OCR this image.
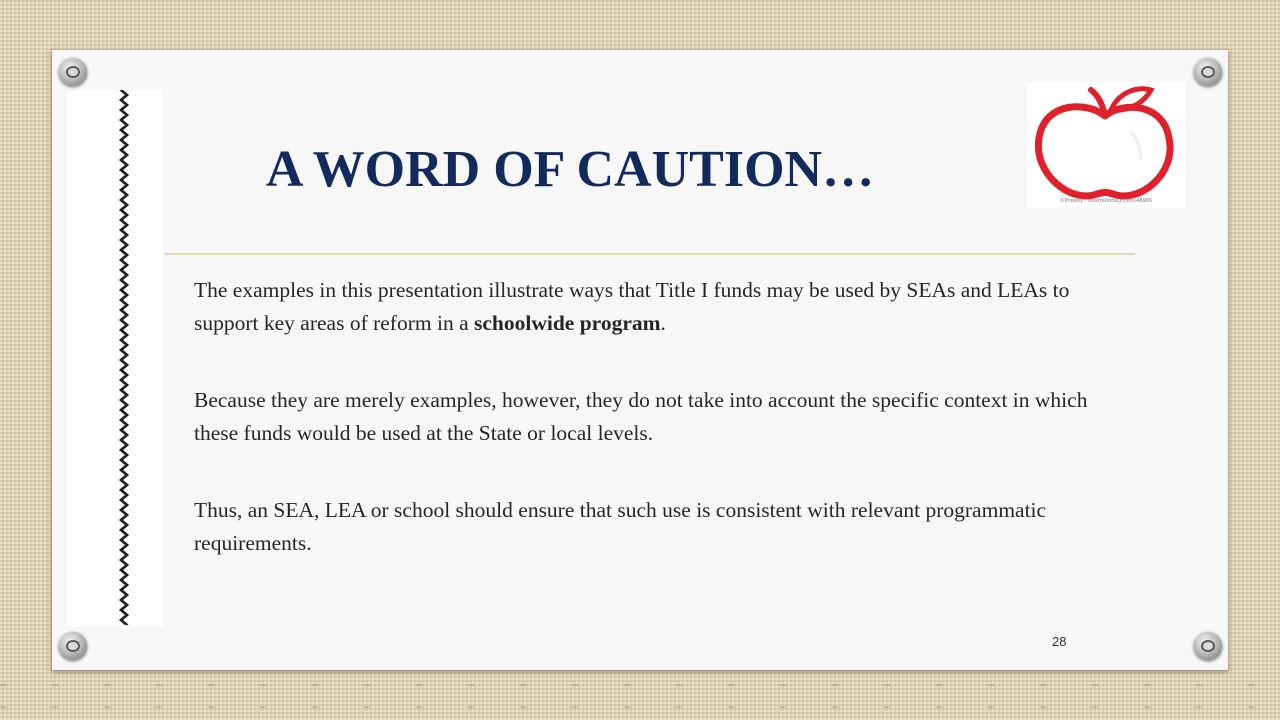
A WORD OF CAUTION…
©Prawny · illustrationsOf.com/48965

The examples in this presentation illustrate ways that Title I funds may be used by SEAs and LEAs to support key areas of reform in a schoolwide program.

Because they are merely examples, however, they do not take into account the specific context in which these funds would be used at the State or local levels.

Thus, an SEA, LEA or school should ensure that such use is consistent with relevant programmatic requirements.

28
